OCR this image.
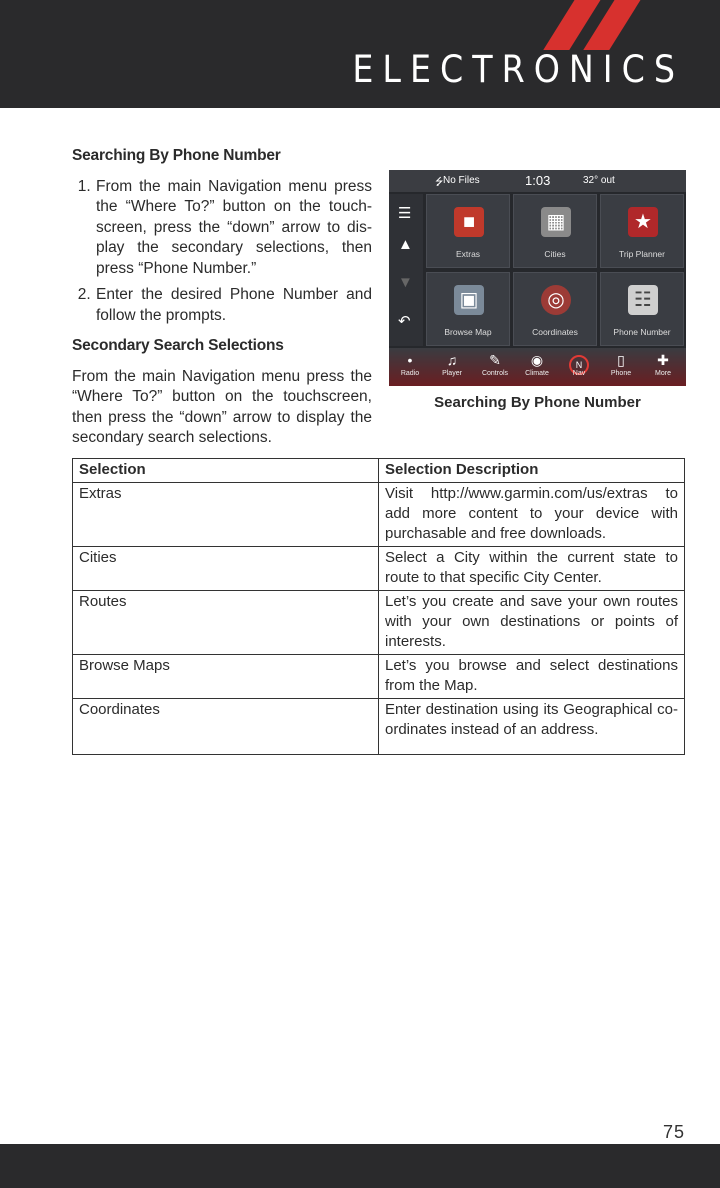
ELECTRONICS
Searching By Phone Number
1. From the main Navigation menu press the “Where To?” button on the touch-screen, press the “down” arrow to dis-play the secondary selections, then press “Phone Number.”
2. Enter the desired Phone Number and follow the prompts.
Secondary Search Selections

From the main Navigation menu press the “Where To?” button on the touchscreen, then press the “down” arrow to display the secondary search selections.

⭍ No Files	1:03	32° out
☰
▲
▼
↶
■
Extras
▦
Cities
★
Trip Planner
▣
Browse Map
◎
Coordinates
☷
Phone Number
•
Radio
♫
Player
✎
Controls
◉
Climate
N
Nav
▯
Phone
✚
More
Searching By Phone Number
Selection	Selection Description
Extras	Visit http://www.garmin.com/us/extras to add more content to your device with purchasable and free downloads.
Cities	Select a City within the current state to route to that specific City Center.
Routes	Let’s you create and save your own routes with your own destinations or points of interests.
Browse Maps	Let’s you browse and select destinations from the Map.
Coordinates	Enter destination using its Geographical co-ordinates instead of an address.
75
